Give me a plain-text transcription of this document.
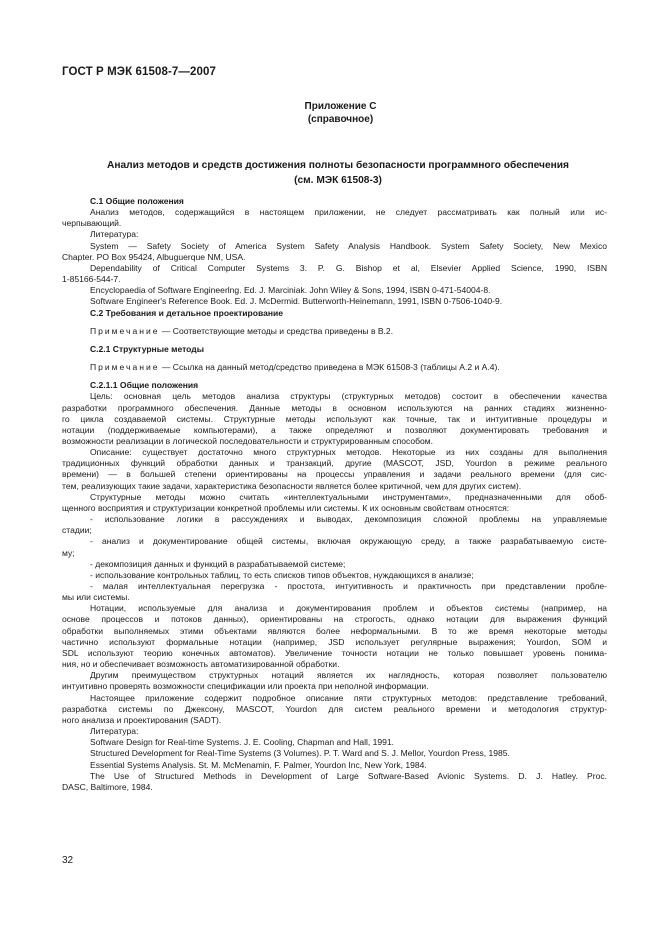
ГОСТ Р МЭК 61508-7—2007
Приложение С
(справочное)
Анализ методов и средств достижения полноты безопасности программного обеспечения
(см. МЭК 61508-3)

С.1 Общие положения

Анализ методов, содержащийся в настоящем приложении, не следует рассматривать как полный или ис-

черпывающий.

Литература:

System — Safety Society of America System Safety Analysis Handbook. System Safety Society, New Mexico

Chapter. PO Box 95424, Albuguerque NM, USA.

Dependability of Critical Computer Systems 3. P. G. Bishop et al, Elsevier Applied Science, 1990, ISBN

1-85166-544-7.

Encyclopaedia of Software Engineerlng. Ed. J. Marciniak. John Wiley & Sons, 1994, ISBN 0-471-54004-8.

Software Engineer's Reference Book. Ed. J. McDermid. Butterworth-Heinemann, 1991, ISBN 0-7506-1040-9.

С.2 Требования и детальное проектирование

Примечание — Соответствующие методы и средства приведены в В.2.

С.2.1 Структурные методы

Примечание — Ссылка на данный метод/средство приведена в МЭК 61508-3 (таблицы А.2 и А.4).

С.2.1.1 Общие положения

Цель: основная цель методов анализа структуры (структурных методов) состоит в обеспечении качества

разработки программного обеспечения. Данные методы в основном используются на ранних стадиях жизненно-

го цикла создаваемой системы. Структурные методы используют как точные, так и интуитивные процедуры и

нотации (поддерживаемые компьютерами), а также определяют и позволяют документировать требования и

возможности реализации в логической последовательности и структурированным способом.

Описание: существует достаточно много структурных методов. Некоторые из них созданы для выполнения

традиционных функций обработки данных и транзакций, другие (MASCOT, JSD, Yourdon в режиме реального

времени) — в большей степени ориентированы на процессы управления и задачи реального времени (для сис-

тем, реализующих такие задачи, характеристика безопасности является более критичной, чем для других систем).

Структурные методы можно считать «интеллектуальными инструментами», предназначенными для обоб-

щенного восприятия и структуризации конкретной проблемы или системы. К их основным свойствам относятся:

- использование логики в рассуждениях и выводах, декомпозиция сложной проблемы на управляемые

стадии;

- анализ и документирование общей системы, включая окружающую среду, а также разрабатываемую систе-

му;

- декомпозиция данных и функций в разрабатываемой системе;

- использование контрольных таблиц, то есть списков типов объектов, нуждающихся в анализе;

- малая интеллектуальная перегрузка - простота, интуитивность и практичность при представлении пробле-

мы или системы.

Нотации, используемые для анализа и документирования проблем и объектов системы (например, на

основе процессов и потоков данных), ориентированы на строгость, однако нотации для выражения функций

обработки выполняемых этими объектами являются более неформальными. В то же время некоторые методы

частично используют формальные нотации (например, JSD использует регулярные выражения; Yourdon, SOM и

SDL используют теорию конечных автоматов). Увеличение точности нотации не только повышает уровень понима-

ния, но и обеспечивает возможность автоматизированной обработки.

Другим преимуществом структурных нотаций является их наглядность, которая позволяет пользователю

интуитивно проверять возможности спецификации или проекта при неполной информации.

Настоящее приложение содержит подробное описание пяти структурных методов: представление требований,

разработка системы по Джексону, MASCOT, Yourdon для систем реального времени и методология структур-

ного анализа и проектирования (SADT).

Литература:

Software Design for Real-time Systems. J. E. Cooling, Chapman and Hall, 1991.

Structured Development for Real-Time Systems (3 Volumes). P. T. Ward and S. J. Mellor, Yourdon Press, 1985.

Essential Systems Analysis. St. M. McMenamin, F. Palmer, Yourdon Inc, New York, 1984.

The Use of Structured Methods in Development of Large Software-Based Avionic Systems. D. J. Hatley. Proc.

DASC, Baltimore, 1984.

32
